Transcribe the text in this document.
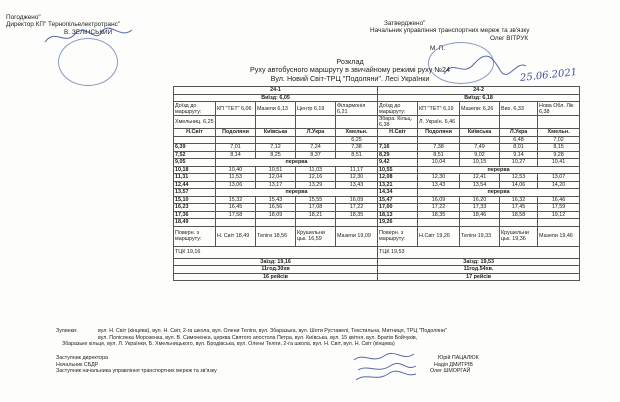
Погоджено"
Директор КП" Тернопільелектротранс"
В. ЗЕЛІНСЬКИЙ
Затверджено"
Начальник управління транспортних мереж та зв'язку
Олег ВІТРУК
М. П.
25.06.2021
Розклад
Руху автобусного маршруту в звичайному режимі руху №24
Вул. Новий Світ-ТРЦ "Подоляни". Лесі Українки
24-1					24-2				
Виїзд: 6,05					Виїзд: 6,18				
Доїзд до маршруту:	КП "ТЕТ" 6,06	Мазепи 6,13	Центр 6,19	Філармонія 6,21	Доїзд до маршруту:	КП "ТЕТ" 6,19	Мазепи: 6,26	Вих. 6,33	Нова Обл. Лік 6,38
Хмельниц. 6,25					Збара. Кільц. 6,38	Л. Україн. 6,46			
Н.Світ	Подоляни	Київська	Л.Укра	Хмельн.	Н.Світ	Подоляни	Київська	Л.Укра	Хмельн.
				6,25				6,48	7,02
6,39	7,01	7,12	7,24	7,38	7,16	7,38	7,49	8,01	8,15
7,52	8,14	8,25	8,37	8,51	8,29	8,51	9,02	9,14	9,28
9,05	перерва				9,42	10,04	10,15	10,27	10,41
10,18	10,40	10,51	11,03	11,17	10,55	перерва			
11,31	11,53	12,04	12,16	12,30	12,08	12,30	12,41	12,53	13,07
12,44	13,06	13,17	13,29	13,43	13,21	13,43	13,54	14,06	14,20
13,57	перерва				14,34	перерва			
15,10	15,32	15,43	15,55	16,09	15,47	16,09	16,20	16,32	16,46
16,23	16,45	16,56	17,08	17,22	17,00	17,22	17,33	17,45	17,59
17,36	17,58	18,09	18,21	18,35	18,13	18,35	18,46	18,58	19,12
18,49					19,26				
Поверн. з маршруту:	Н. Світ 18,49	Теліги 18,56	Крушельни цьк. 16,59	Мазепи 19,09	Поверн. з маршруту:	Н.Світ 19,26	Теліги 19,33	Крушельни цьк. 19,36	Мазепи 19,46
ТЦК 19,16					ТЦК 19,53				
Заїзд: 19,16					Заїзд: 19,53				
11год.30хв					11год.54хв.				
16 рейсів					17 рейсів				
Зупинки:	вул. Н. Світ (кінцева), вул. Н. Світ, 2-га школа, вул. Олени Теліги, вул. Збаразька, вул. Шоти Руставелі, Текстильна, Митниця, ТРЦ "Подоляни"
вул. Полісянка Морозенка, вул. В. Симоненка, церква Святого апостола Петра, вул. Київська, вул. 15 квітня, вул. Братів Бойчуків,
Збаразьке кільце, вул. Л. Українки, Б. Хмельницького, вул. Бродівська, вул. Олени Теліги, 2-га школа, вул. Н. Світ, вул. Н. Світ (кінцева)
Заступник директора
Начальник СБДР
Заступник начальника управління транспортних мереж та зв'язку
Юрій ПАЦАЛЮК
Надія ДМИТРІВ
Олег ШМОРГАЙ
